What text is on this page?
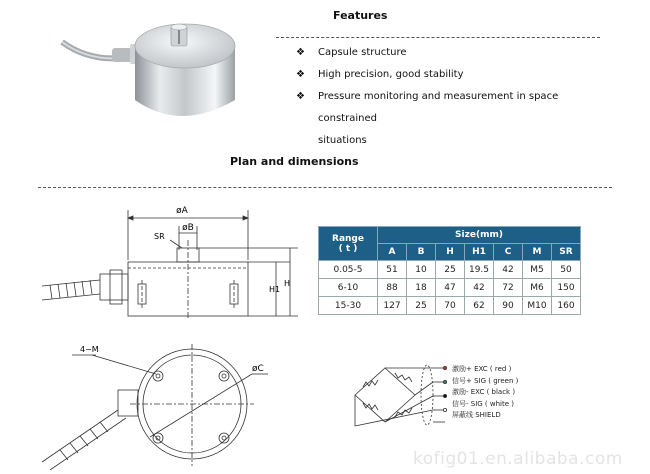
Features
❖ Capsule structure
❖ High precision, good stability
❖ Pressure monitoring and measurement in space constrained
situations
Plan and dimensions
øA
øB
SR
H1
H
Range
( t )	Size(mm)						
	A	B	H	H1	C	M	SR
0.05-5	51	10	25	19.5	42	M5	50
6-10	88	18	47	42	72	M6	150
15-30	127	25	70	62	90	M10	160
4−M
øC	激励+ EXC ( red )
信号+ SIG ( green )
激励- EXC ( black )
信号- SIG ( white )
屏蔽线 SHIELD
kofig01.en.alibaba.com
